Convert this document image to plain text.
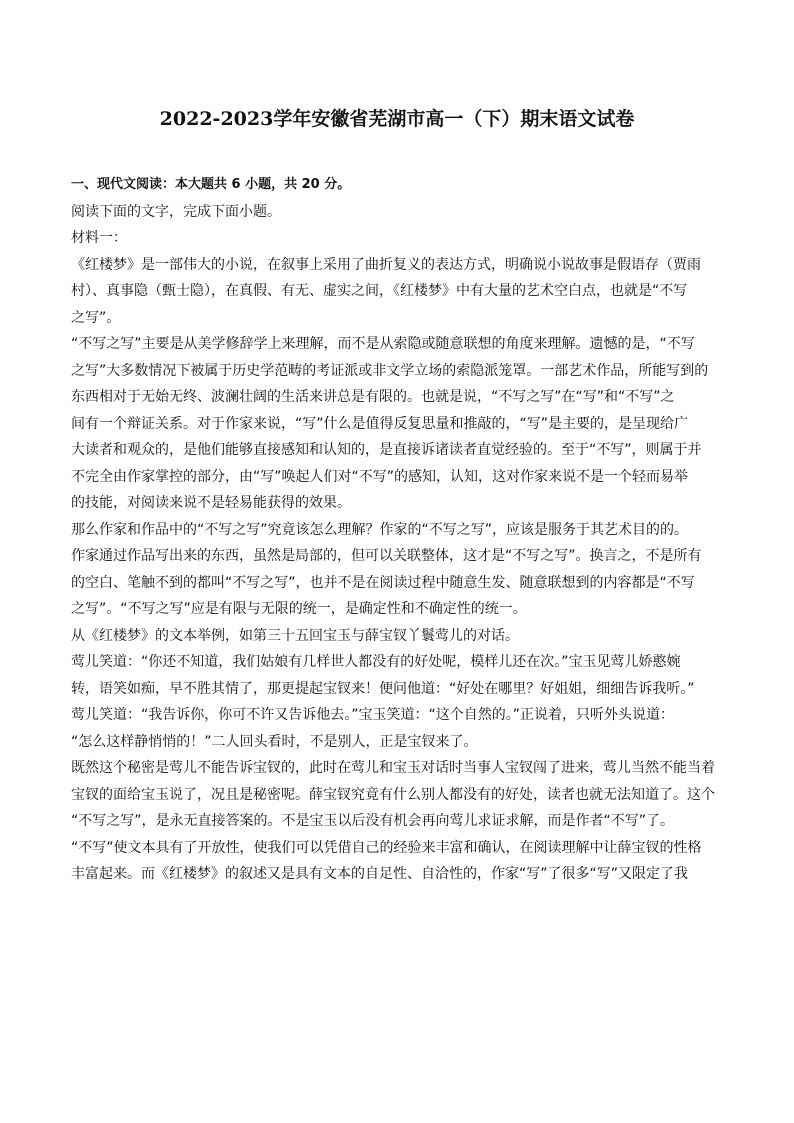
2022-2023学年安徽省芜湖市高一（下）期末语文试卷
一、现代文阅读：本大题共 6 小题，共 20 分。
阅读下面的文字，完成下面小题。
材料一：
《红楼梦》是一部伟大的小说，在叙事上采用了曲折复义的表达方式，明确说小说故事是假语存（贾雨
村）、真事隐（甄士隐），在真假、有无、虚实之间，《红楼梦》中有大量的艺术空白点，也就是“不写
之写”。
“不写之写”主要是从美学修辞学上来理解，而不是从索隐或随意联想的角度来理解。遗憾的是，“不写
之写”大多数情况下被属于历史学范畴的考证派或非文学立场的索隐派笼罩。一部艺术作品，所能写到的
东西相对于无始无终、波澜壮阔的生活来讲总是有限的。也就是说，“不写之写”在“写”和“不写”之
间有一个辩证关系。对于作家来说，“写”什么是值得反复思量和推敲的，“写”是主要的，是呈现给广
大读者和观众的，是他们能够直接感知和认知的，是直接诉诸读者直觉经验的。至于“不写”，则属于并
不完全由作家掌控的部分，由“写”唤起人们对“不写”的感知，认知，这对作家来说不是一个轻而易举
的技能，对阅读来说不是轻易能获得的效果。
那么作家和作品中的“不写之写”究竟该怎么理解？作家的“不写之写”，应该是服务于其艺术目的的。
作家通过作品写出来的东西，虽然是局部的，但可以关联整体，这才是“不写之写”。换言之，不是所有
的空白、笔触不到的都叫“不写之写”，也并不是在阅读过程中随意生发、随意联想到的内容都是“不写
之写”。“不写之写”应是有限与无限的统一，是确定性和不确定性的统一。
从《红楼梦》的文本举例，如第三十五回宝玉与薛宝钗丫鬟莺儿的对话。
莺儿笑道：“你还不知道，我们姑娘有几样世人都没有的好处呢，模样儿还在次。”宝玉见莺儿娇憨婉
转，语笑如痴，早不胜其情了，那更提起宝钗来！便问他道：“好处在哪里？好姐姐，细细告诉我听。”
莺儿笑道：“我告诉你，你可不许又告诉他去。”宝玉笑道：“这个自然的。”正说着，只听外头说道：
“怎么这样静悄悄的！”二人回头看时，不是别人，正是宝钗来了。
既然这个秘密是莺儿不能告诉宝钗的，此时在莺儿和宝玉对话时当事人宝钗闯了进来，莺儿当然不能当着
宝钗的面给宝玉说了，况且是秘密呢。薛宝钗究竟有什么别人都没有的好处，读者也就无法知道了。这个
“不写之写”，是永无直接答案的。不是宝玉以后没有机会再向莺儿求证求解，而是作者“不写”了。
“不写”使文本具有了开放性，使我们可以凭借自己的经验来丰富和确认，在阅读理解中让薛宝钗的性格
丰富起来。而《红楼梦》的叙述又是具有文本的自足性、自洽性的，作家“写”了很多“写”又限定了我
